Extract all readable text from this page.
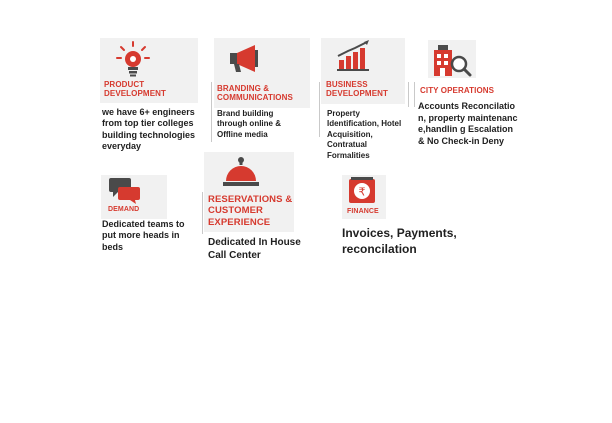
PRODUCT DEVELOPMENT
we have 6+ engineers from top tier colleges building technologies everyday
BRANDING & COMMUNICATIONS
Brand building through online & Offline media
BUSINESS DEVELOPMENT
Property Identification, Hotel Acquisition, Contratual Formalities
CITY OPERATIONS
Accounts Reconcilation, property maintenance,handlin g Escalation & No Check-in Deny
DEMAND
Dedicated teams to put more heads in beds
RESERVATIONS & CUSTOMER EXPERIENCE
Dedicated In House Call Center
₹
FINANCE
Invoices, Payments, reconcilation
